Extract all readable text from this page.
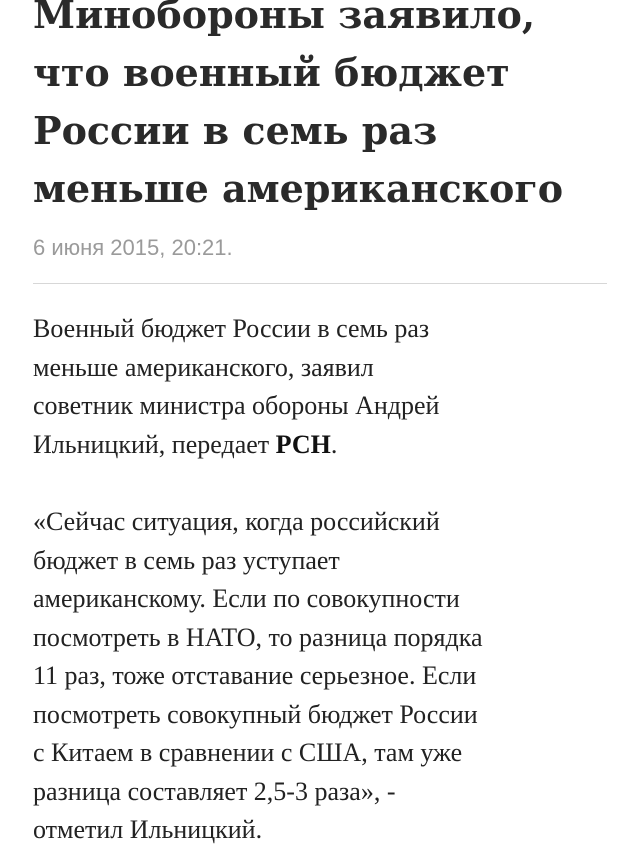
Минобороны заявило,
что военный бюджет
России в семь раз
меньше американского
6 июня 2015, 20:21.

Военный бюджет России в семь раз
меньше американского, заявил
советник министра обороны Андрей
Ильницкий, передает РСН.

«Сейчас ситуация, когда российский
бюджет в семь раз уступает
американскому. Если по совокупности
посмотреть в НАТО, то разница порядка
11 раз, тоже отставание серьезное. Если
посмотреть совокупный бюджет России
с Китаем в сравнении с США, там уже
разница составляет 2,5-3 раза», -
отметил Ильницкий.
